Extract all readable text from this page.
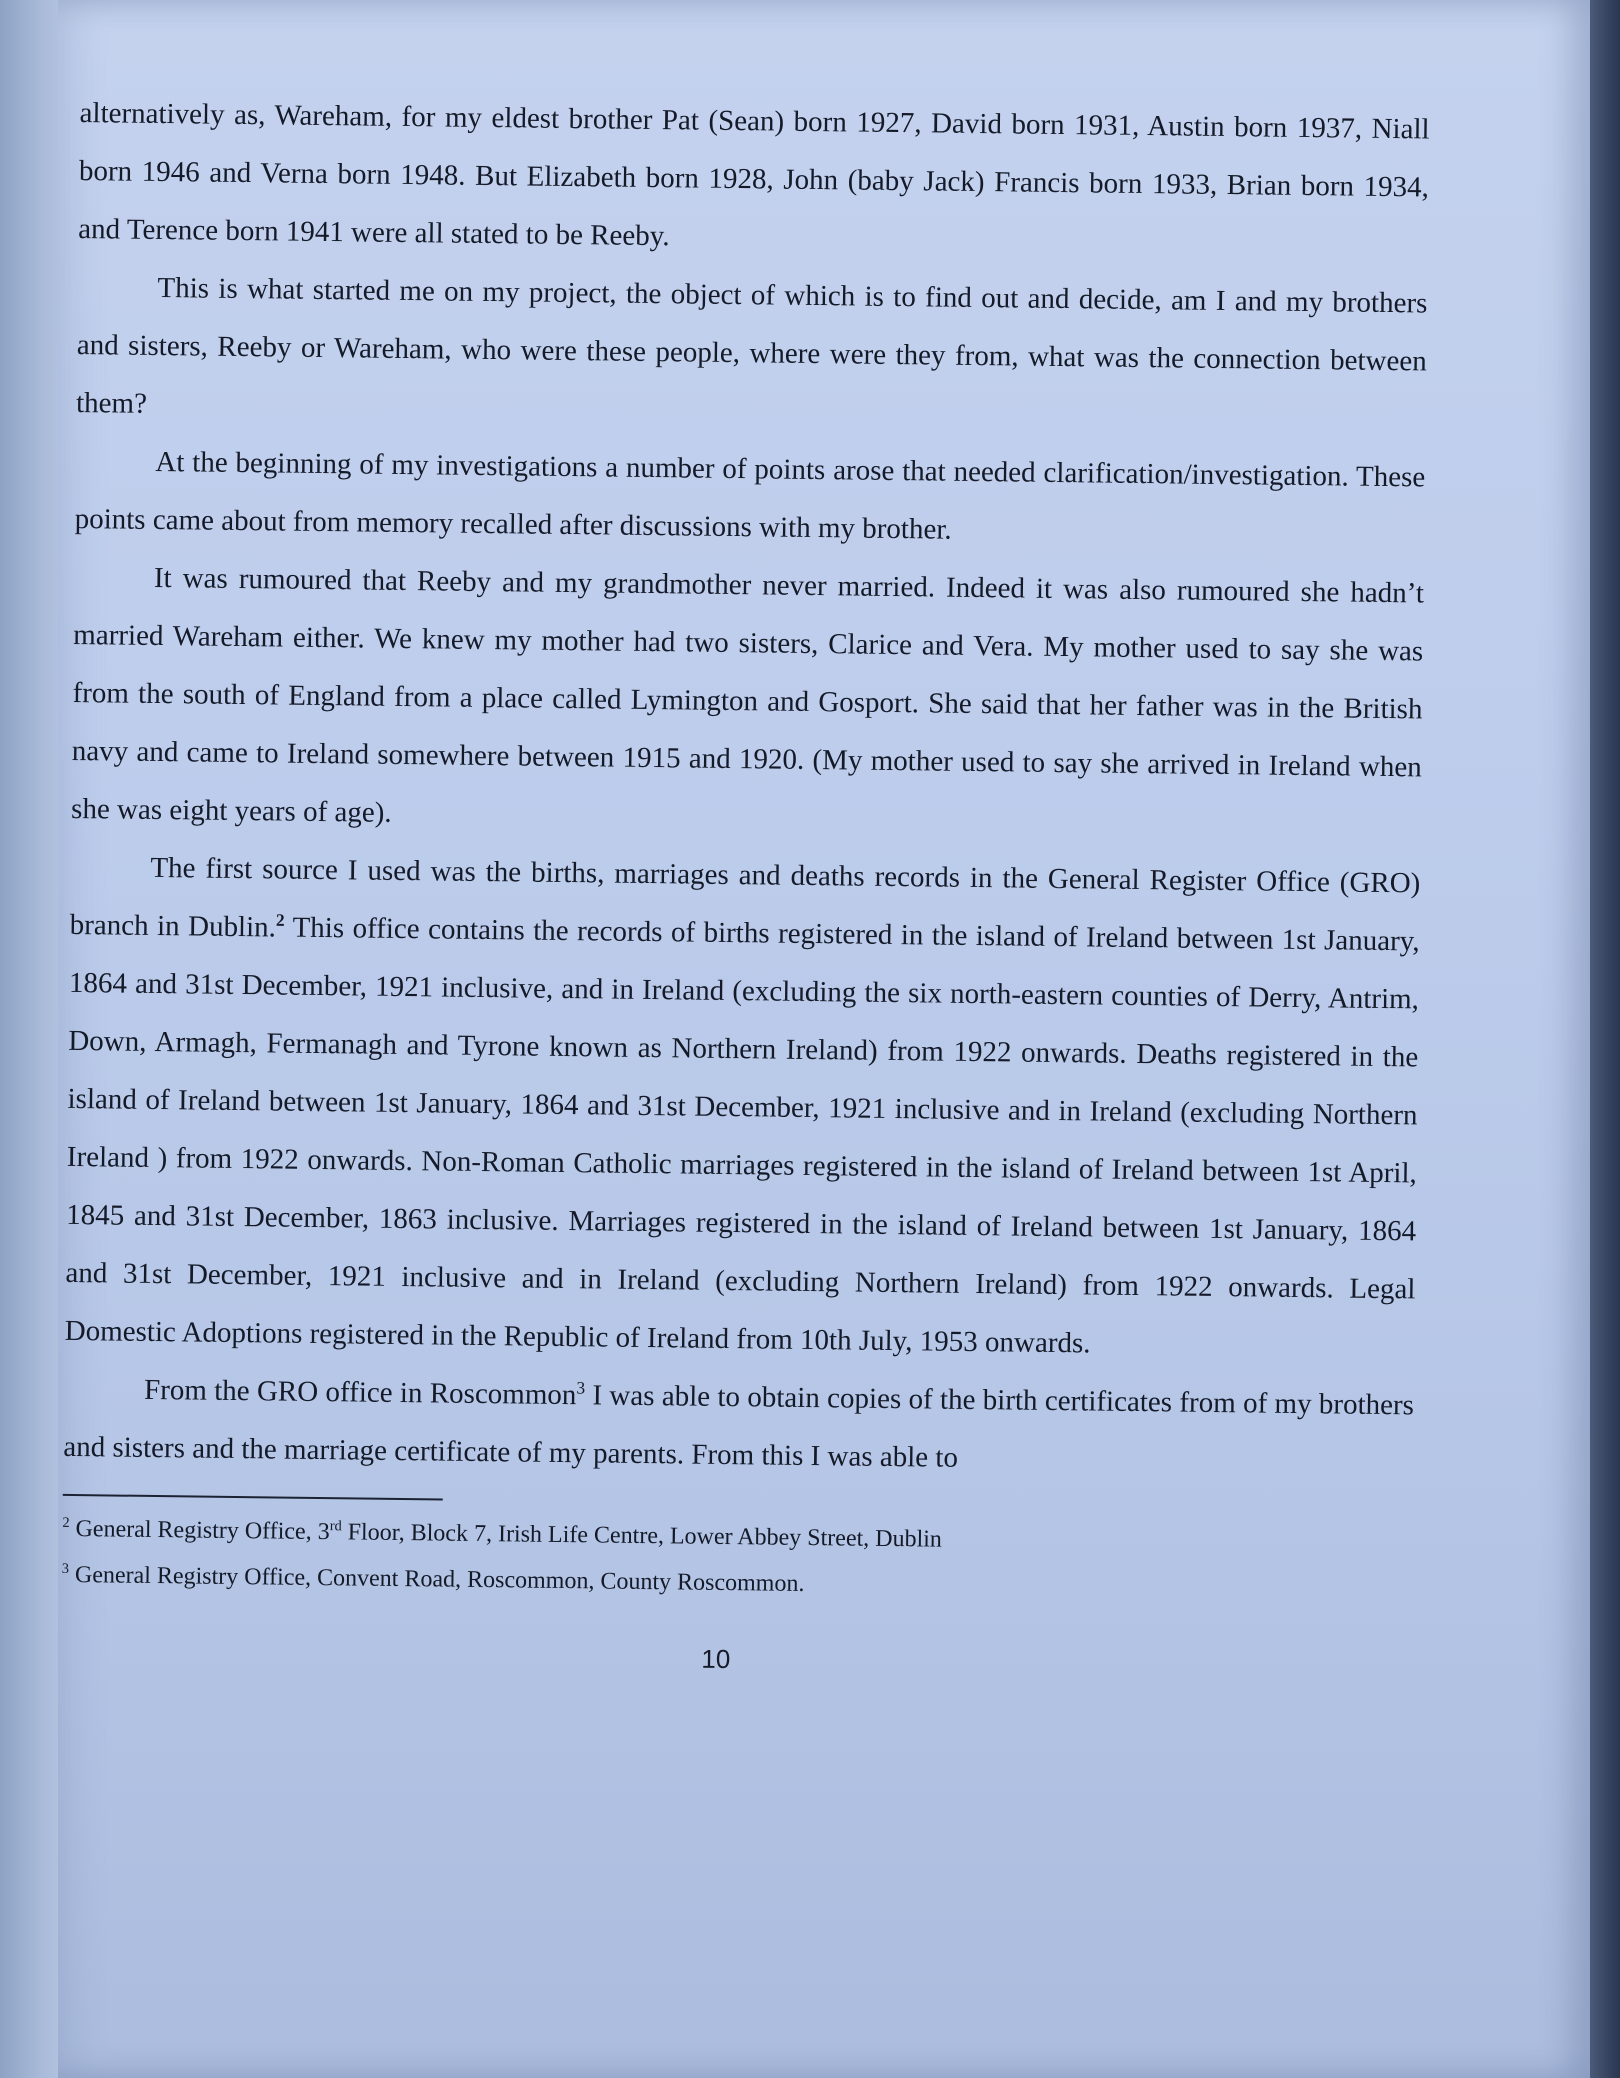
alternatively as, Wareham, for my eldest brother Pat (Sean) born 1927, David born 1931, Austin born 1937, Niall born 1946 and Verna born 1948. But Elizabeth born 1928, John (baby Jack) Francis born 1933, Brian born 1934, and Terence born 1941 were all stated to be Reeby.

This is what started me on my project, the object of which is to find out and decide, am I and my brothers and sisters, Reeby or Wareham, who were these people, where were they from, what was the connection between them?

At the beginning of my investigations a number of points arose that needed clarification/investigation. These points came about from memory recalled after discussions with my brother.

It was rumoured that Reeby and my grandmother never married. Indeed it was also rumoured she hadn’t married Wareham either. We knew my mother had two sisters, Clarice and Vera. My mother used to say she was from the south of England from a place called Lymington and Gosport. She said that her father was in the British navy and came to Ireland somewhere between 1915 and 1920. (My mother used to say she arrived in Ireland when she was eight years of age).

The first source I used was the births, marriages and deaths records in the General Register Office (GRO) branch in Dublin.$^2$ This office contains the records of births registered in the island of Ireland between 1st January, 1864 and 31st December, 1921 inclusive, and in Ireland (excluding the six north-eastern counties of Derry, Antrim, Down, Armagh, Fermanagh and Tyrone known as Northern Ireland) from 1922 onwards. Deaths registered in the island of Ireland between 1st January, 1864 and 31st December, 1921 inclusive and in Ireland (excluding Northern Ireland ) from 1922 onwards. Non-Roman Catholic marriages registered in the island of Ireland between 1st April, 1845 and 31st December, 1863 inclusive. Marriages registered in the island of Ireland between 1st January, 1864 and 31st December, 1921 inclusive and in Ireland (excluding Northern Ireland) from 1922 onwards. Legal Domestic Adoptions registered in the Republic of Ireland from 10th July, 1953 onwards.

From the GRO office in Roscommon$^3$ I was able to obtain copies of the birth certificates from of my brothers and sisters and the marriage certificate of my parents. From this I was able to

$^2$ General Registry Office, 3rd Floor, Block 7, Irish Life Centre, Lower Abbey Street, Dublin

$^3$ General Registry Office, Convent Road, Roscommon, County Roscommon.

10
